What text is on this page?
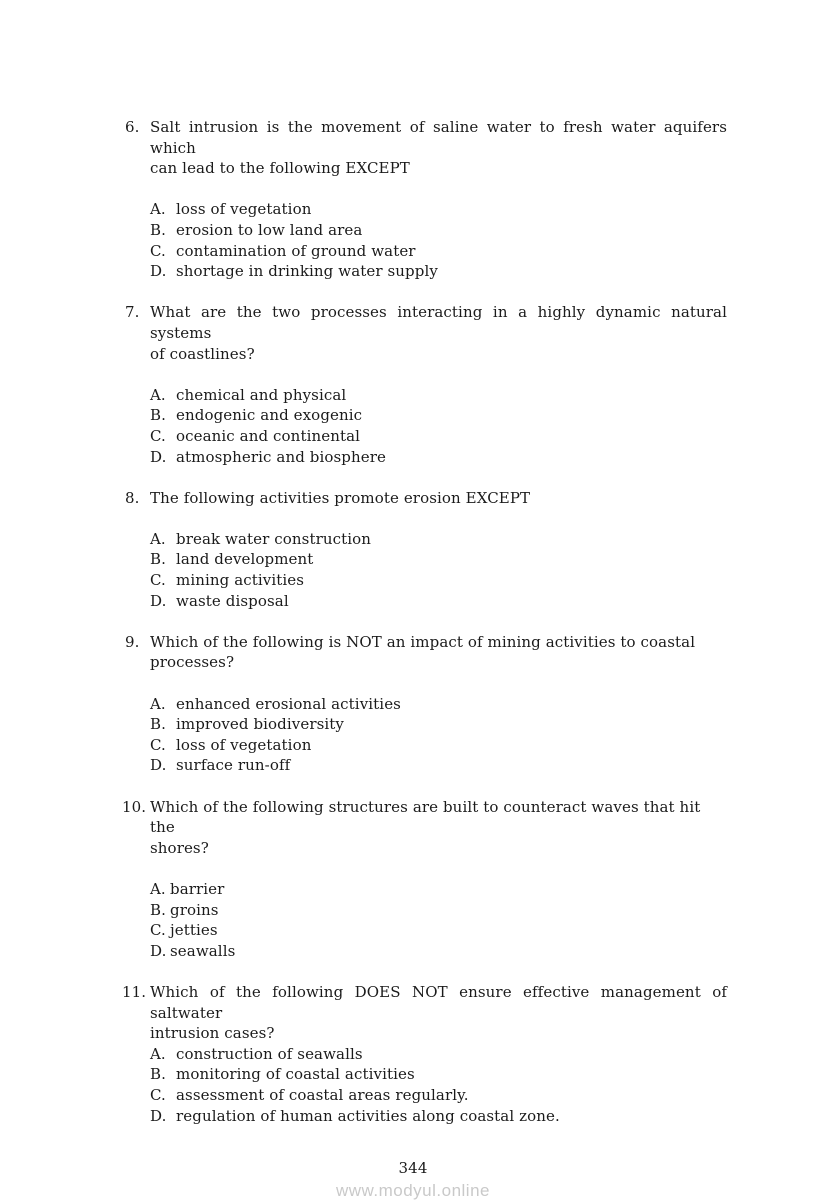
6. Salt intrusion is the movement of saline water to fresh water aquifers which
can lead to the following EXCEPT
A. loss of vegetation
B. erosion to low land area
C. contamination of ground water
D. shortage in drinking water supply
7. What are the two processes interacting in a highly dynamic natural systems
of coastlines?
A. chemical and physical
B. endogenic and exogenic
C. oceanic and continental
D. atmospheric and biosphere
8. The following activities promote erosion EXCEPT
A. break water construction
B. land development
C. mining activities
D. waste disposal
9. Which of the following is NOT an impact of mining activities to coastal
processes?
A. enhanced erosional activities
B. improved biodiversity
C. loss of vegetation
D. surface run-off
10. Which of the following structures are built to counteract waves that hit the
shores?
A. barrier
B. groins
C. jetties
D. seawalls
11. Which of the following DOES NOT ensure effective management of saltwater
intrusion cases?
A. construction of seawalls
B. monitoring of coastal activities
C. assessment of coastal areas regularly.
D. regulation of human activities along coastal zone.
344
www.modyul.online
